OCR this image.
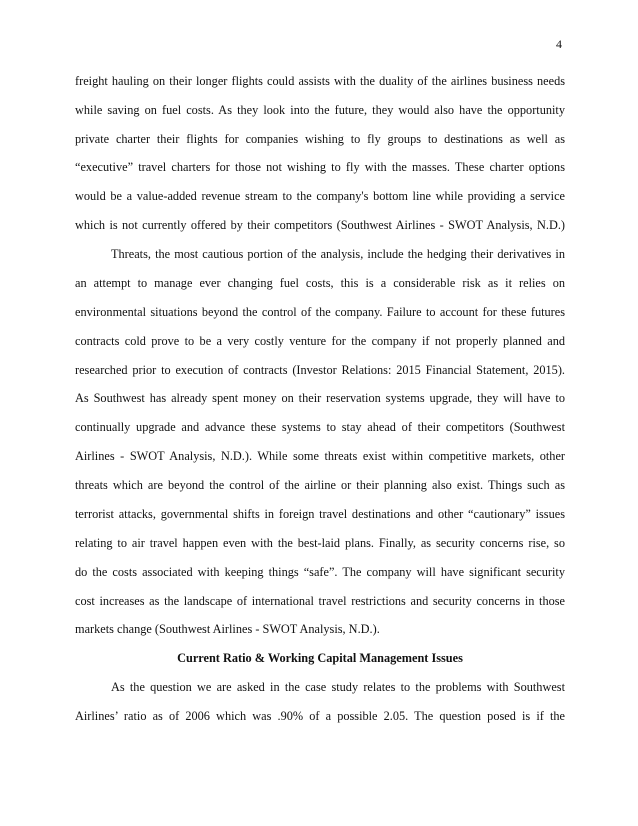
4
freight hauling on their longer flights could assists with the duality of the airlines business needs
while saving on fuel costs. As they look into the future, they would also have the opportunity
private charter their flights for companies wishing to fly groups to destinations as well as
“executive” travel charters for those not wishing to fly with the masses. These charter options
would be a value-added revenue stream to the company's bottom line while providing a service
which is not currently offered by their competitors (Southwest Airlines - SWOT Analysis, N.D.)
Threats, the most cautious portion of the analysis, include the hedging their derivatives in
an attempt to manage ever changing fuel costs, this is a considerable risk as it relies on
environmental situations beyond the control of the company. Failure to account for these futures
contracts cold prove to be a very costly venture for the company if not properly planned and
researched prior to execution of contracts (Investor Relations: 2015 Financial Statement, 2015).
As Southwest has already spent money on their reservation systems upgrade, they will have to
continually upgrade and advance these systems to stay ahead of their competitors (Southwest
Airlines - SWOT Analysis, N.D.). While some threats exist within competitive markets, other
threats which are beyond the control of the airline or their planning also exist. Things such as
terrorist attacks, governmental shifts in foreign travel destinations and other “cautionary” issues
relating to air travel happen even with the best-laid plans. Finally, as security concerns rise, so
do the costs associated with keeping things “safe”. The company will have significant security
cost increases as the landscape of international travel restrictions and security concerns in those
markets change (Southwest Airlines - SWOT Analysis, N.D.).
Current Ratio & Working Capital Management Issues
As the question we are asked in the case study relates to the problems with Southwest
Airlines’ ratio as of 2006 which was .90% of a possible 2.05. The question posed is if the
